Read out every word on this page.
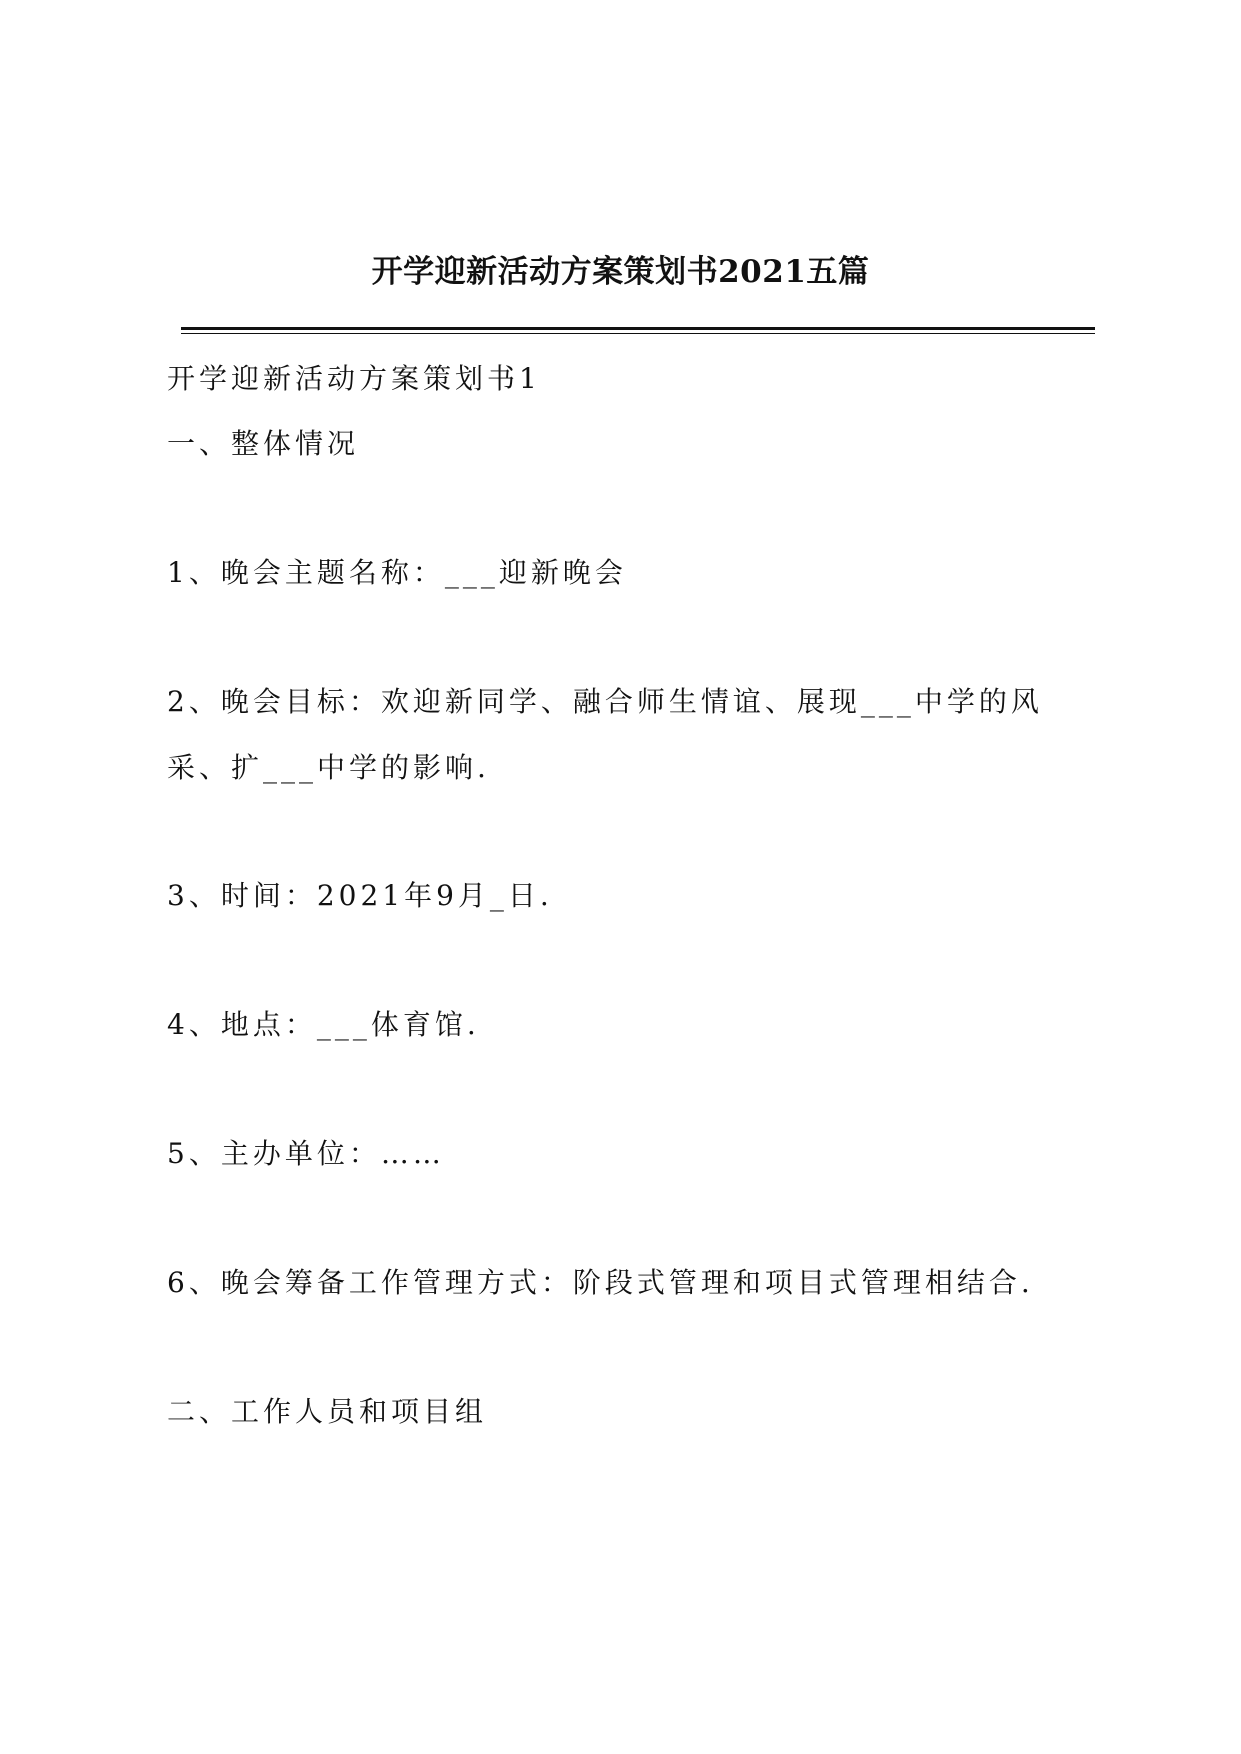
开学迎新活动方案策划书2021五篇
开学迎新活动方案策划书1
一、整体情况
1、晚会主题名称：___迎新晚会
2、晚会目标：欢迎新同学、融合师生情谊、展现___中学的风
采、扩___中学的影响.
3、时间：2021年9月_日.
4、地点：___体育馆.
5、主办单位：……
6、晚会筹备工作管理方式：阶段式管理和项目式管理相结合.
二、工作人员和项目组
